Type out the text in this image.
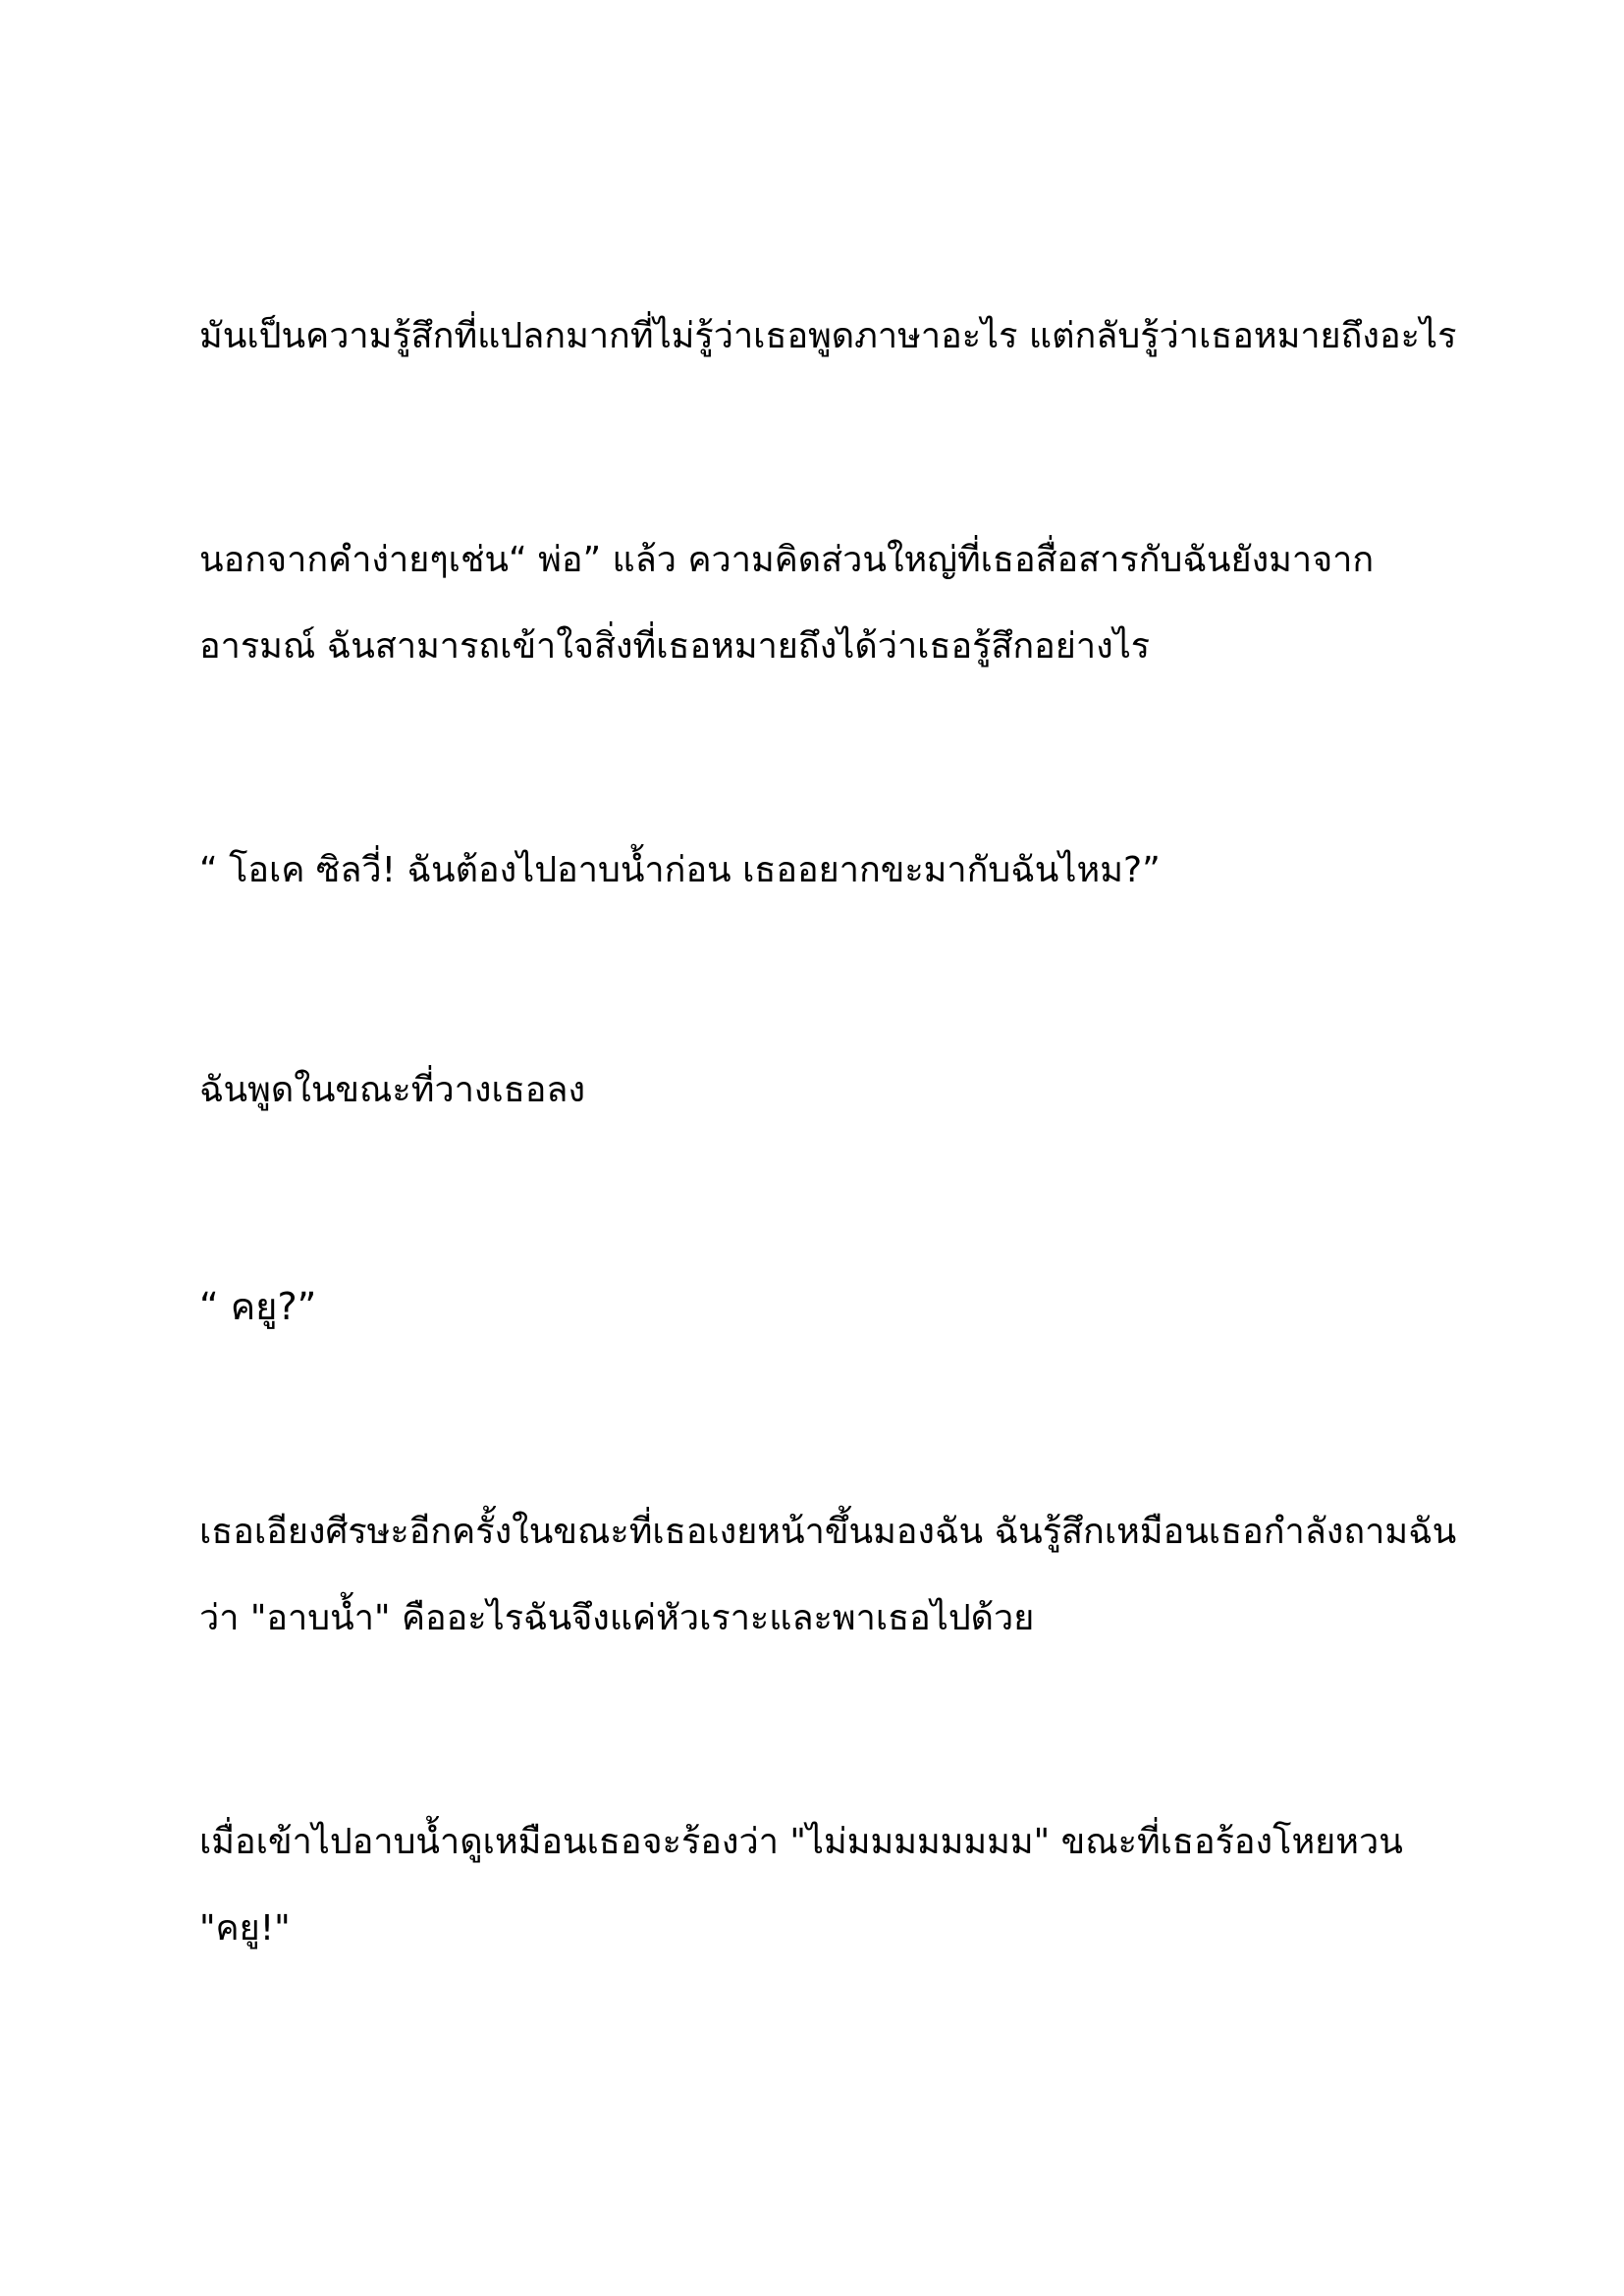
มันเป็นความรู้สึกที่แปลกมากที่ไม่รู้ว่าเธอพูดภาษาอะไร แต่กลับรู้ว่าเธอหมายถึงอะไร
นอกจากคำง่ายๆเช่น“ พ่อ” แล้ว ความคิดส่วนใหญ่ที่เธอสื่อสารกับฉันยังมาจาก
อารมณ์ ฉันสามารถเข้าใจสิ่งที่เธอหมายถึงได้ว่าเธอรู้สึกอย่างไร
“ โอเค ซิลวี่! ฉันต้องไปอาบน้ำก่อน เธออยากขะมากับฉันไหม?”
ฉันพูดในขณะที่วางเธอลง
“ คยู?”
เธอเอียงศีรษะอีกครั้งในขณะที่เธอเงยหน้าขึ้นมองฉัน ฉันรู้สึกเหมือนเธอกำลังถามฉัน
ว่า "อาบน้ำ" คืออะไรฉันจึงแค่หัวเราะและพาเธอไปด้วย
เมื่อเข้าไปอาบน้ำดูเหมือนเธอจะร้องว่า "ไม่มมมมมมมม" ขณะที่เธอร้องโหยหวน
"คยู!"
